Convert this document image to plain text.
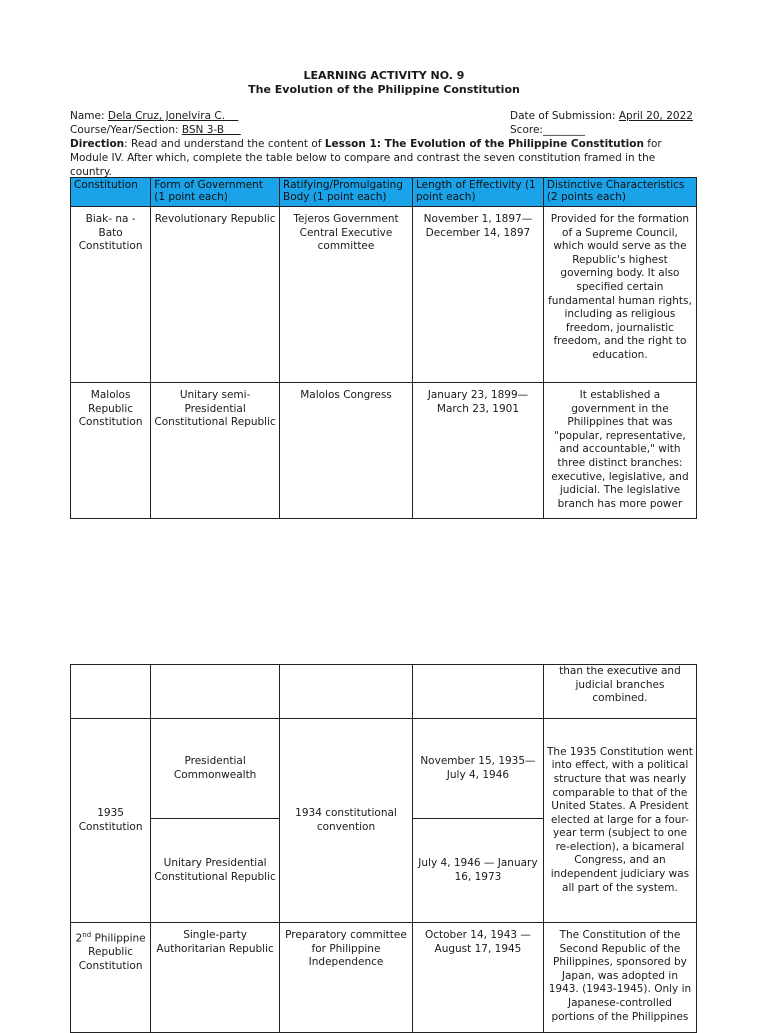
LEARNING ACTIVITY NO. 9
The Evolution of the Philippine Constitution
Name: Dela Cruz, Jonelvira C.
Course/Year/Section: BSN 3-B
Date of Submission: April 20, 2022
Score:________
Direction: Read and understand the content of Lesson 1: The Evolution of the Philippine Constitution for Module IV. After which, complete the table below to compare and contrast the seven constitution framed in the country.
Constitution	Form of Government (1 point each)	Ratifying/Promulgating Body (1 point each)	Length of Effectivity (1 point each)	Distinctive Characteristics (2 points each)
Biak- na - Bato Constitution	Revolutionary Republic	Tejeros Government Central Executive committee	November 1, 1897— December 14, 1897	Provided for the formation of a Supreme Council, which would serve as the Republic's highest governing body. It also specified certain fundamental human rights, including as religious freedom, journalistic freedom, and the right to education.
Malolos Republic Constitution	Unitary semi-Presidential Constitutional Republic	Malolos Congress	January 23, 1899— March 23, 1901	It established a government in the Philippines that was "popular, representative, and accountable," with three distinct branches: executive, legislative, and judicial. The legislative branch has more power
				than the executive and judicial branches combined.
1935 Constitution	Presidential Commonwealth	1934 constitutional convention	November 15, 1935— July 4, 1946	The 1935 Constitution went into effect, with a political structure that was nearly comparable to that of the United States. A President elected at large for a four-year term (subject to one re-election), a bicameral Congress, and an independent judiciary was all part of the system.
	Unitary Presidential Constitutional Republic		July 4, 1946 — January 16, 1973	
2nd Philippine Republic Constitution	Single-party Authoritarian Republic	Preparatory committee for Philippine Independence	October 14, 1943 — August 17, 1945	The Constitution of the Second Republic of the Philippines, sponsored by Japan, was adopted in 1943. (1943-1945). Only in Japanese-controlled portions of the Philippines
